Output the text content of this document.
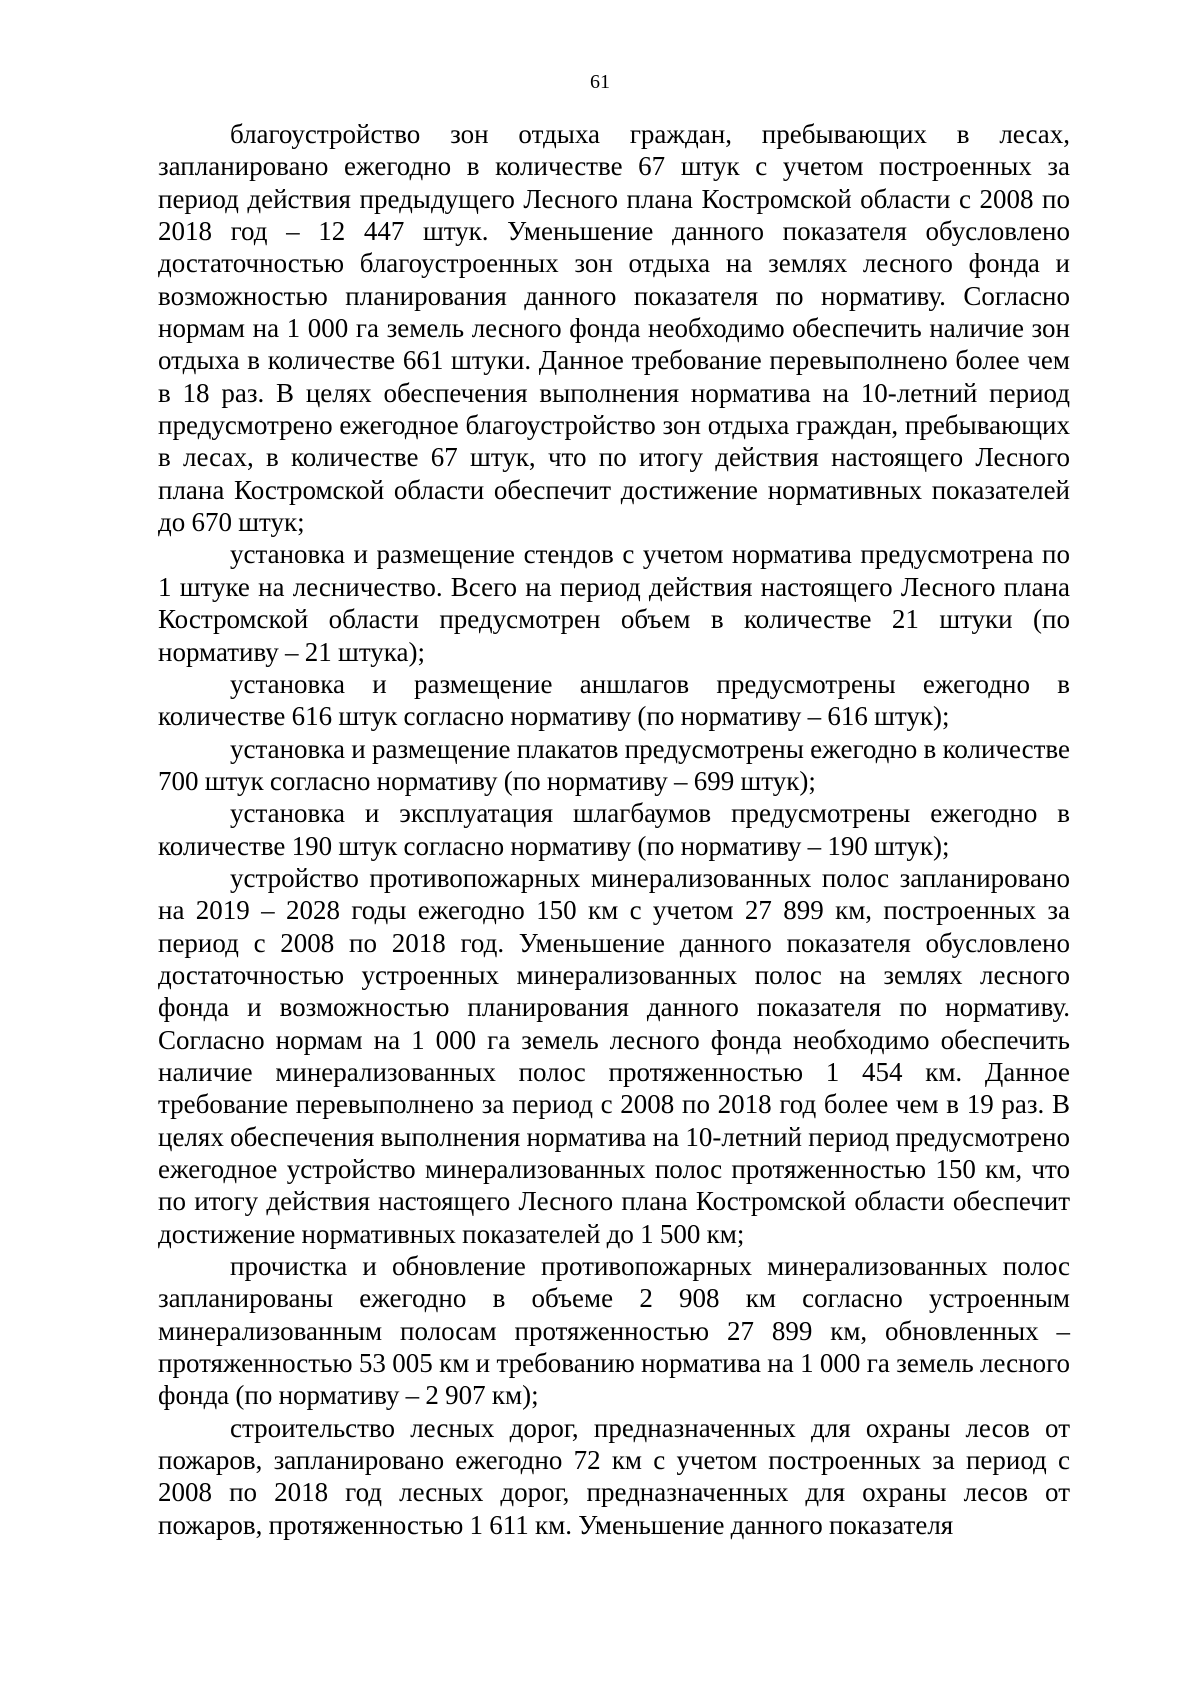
61

благоустройство зон отдыха граждан, пребывающих в лесах, запланировано ежегодно в количестве 67 штук с учетом построенных за период действия предыдущего Лесного плана Костромской области с 2008 по 2018 год – 12 447 штук. Уменьшение данного показателя обусловлено достаточностью благоустроенных зон отдыха на землях лесного фонда и возможностью планирования данного показателя по нормативу. Согласно нормам на 1 000 га земель лесного фонда необходимо обеспечить наличие зон отдыха в количестве 661 штуки. Данное требование перевыполнено более чем в 18 раз. В целях обеспечения выполнения норматива на 10-летний период предусмотрено ежегодное благоустройство зон отдыха граждан, пребывающих в лесах, в количестве 67 штук, что по итогу действия настоящего Лесного плана Костромской области обеспечит достижение нормативных показателей до 670 штук;

установка и размещение стендов с учетом норматива предусмотрена по 1 штуке на лесничество. Всего на период действия настоящего Лесного плана Костромской области предусмотрен объем в количестве 21 штуки (по нормативу – 21 штука);

установка и размещение аншлагов предусмотрены ежегодно в количестве 616 штук согласно нормативу (по нормативу – 616 штук);

установка и размещение плакатов предусмотрены ежегодно в количестве 700 штук согласно нормативу (по нормативу – 699 штук);

установка и эксплуатация шлагбаумов предусмотрены ежегодно в количестве 190 штук согласно нормативу (по нормативу – 190 штук);

устройство противопожарных минерализованных полос запланировано на 2019 – 2028 годы ежегодно 150 км с учетом 27 899 км, построенных за период с 2008 по 2018 год. Уменьшение данного показателя обусловлено достаточностью устроенных минерализованных полос на землях лесного фонда и возможностью планирования данного показателя по нормативу. Согласно нормам на 1 000 га земель лесного фонда необходимо обеспечить наличие минерализованных полос протяженностью 1 454 км. Данное требование перевыполнено за период с 2008 по 2018 год более чем в 19 раз. В целях обеспечения выполнения норматива на 10-летний период предусмотрено ежегодное устройство минерализованных полос протяженностью 150 км, что по итогу действия настоящего Лесного плана Костромской области обеспечит достижение нормативных показателей до 1 500 км;

прочистка и обновление противопожарных минерализованных полос запланированы ежегодно в объеме 2 908 км согласно устроенным минерализованным полосам протяженностью 27 899 км, обновленных – протяженностью 53 005 км и требованию норматива на 1 000 га земель лесного фонда (по нормативу – 2 907 км);

строительство лесных дорог, предназначенных для охраны лесов от пожаров, запланировано ежегодно 72 км с учетом построенных за период с 2008 по 2018 год лесных дорог, предназначенных для охраны лесов от пожаров, протяженностью 1 611 км. Уменьшение данного показателя
